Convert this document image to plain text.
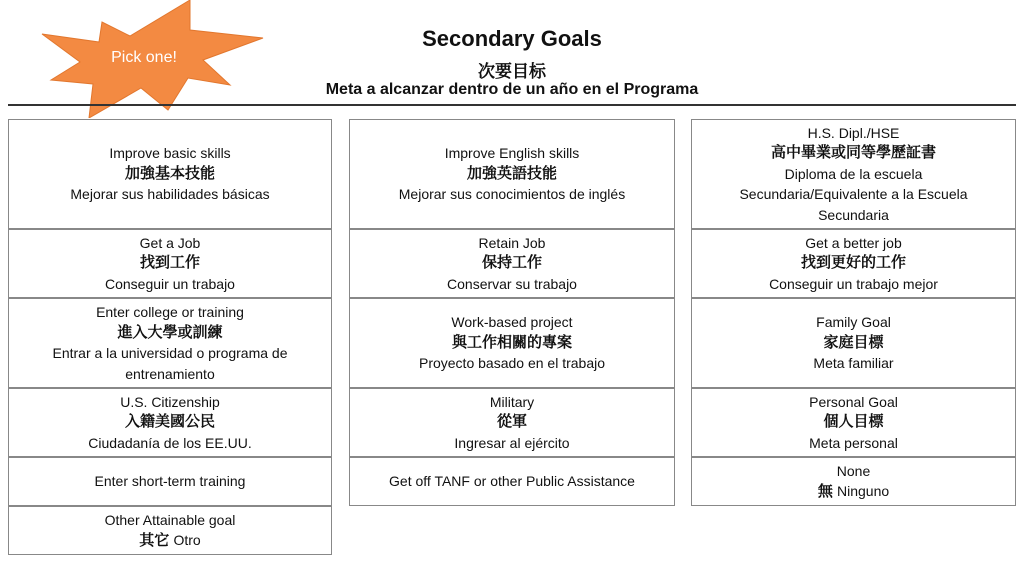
Pick one!
Secondary Goals
次要目标
Meta a alcanzar dentro de un año en el Programa
Improve basic skills
加強基本技能
Mejorar sus habilidades básicas
Improve English skills
加強英語技能
Mejorar sus conocimientos de inglés
H.S. Dipl./HSE
高中畢業或同等學歷証書
Diploma de la escuela
Secundaria/Equivalente a la Escuela
Secundaria
Get a Job
找到工作
Conseguir un trabajo
Retain Job
保持工作
Conservar su trabajo
Get a better job
找到更好的工作
Conseguir un trabajo mejor
Enter college or training
進入大學或訓練
Entrar a la universidad o programa de
entrenamiento
Work-based project
與工作相關的專案
Proyecto basado en el trabajo
Family Goal
家庭目標
Meta familiar
U.S. Citizenship
入籍美國公民
Ciudadanía de los EE.UU.
Military
從軍
Ingresar al ejército
Personal Goal
個人目標
Meta personal
Enter short-term training	Get off TANF or other Public Assistance
None
無 Ninguno
Other Attainable goal
其它 Otro
